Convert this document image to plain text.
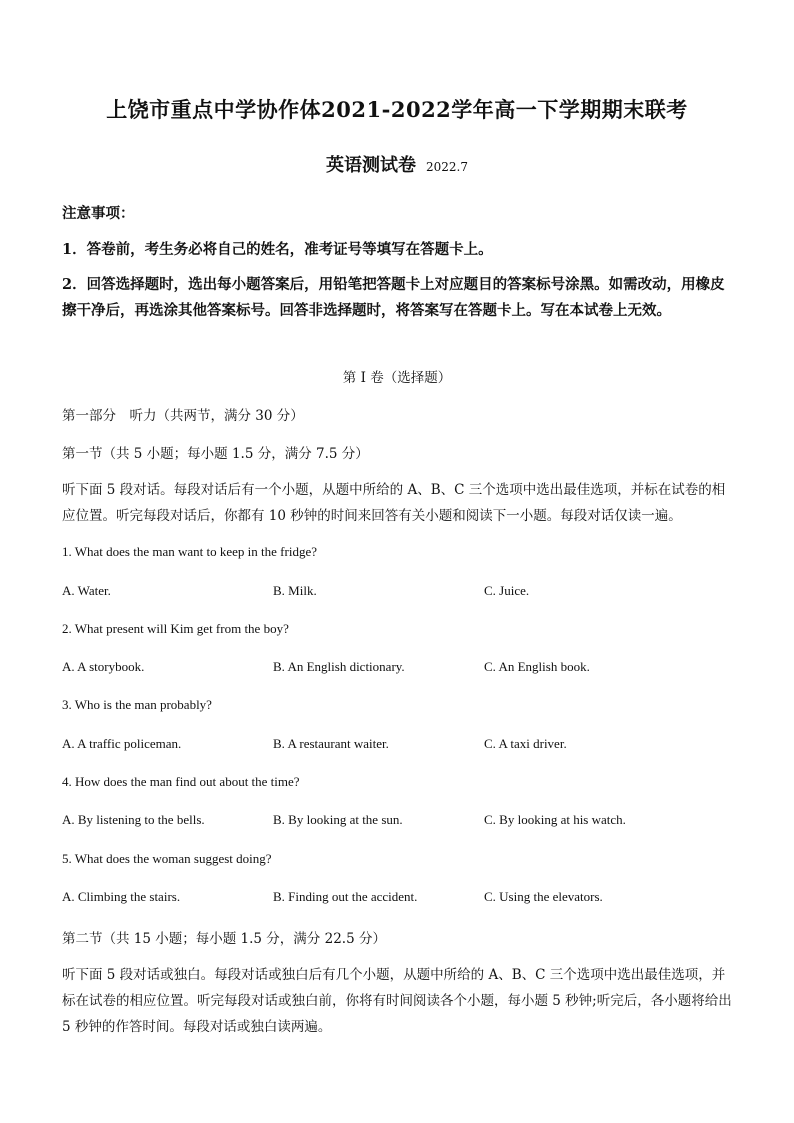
上饶市重点中学协作体2021-2022学年高一下学期期末联考
英语测试卷 2022.7
注意事项：
1．答卷前，考生务必将自己的姓名，准考证号等填写在答题卡上。
2．回答选择题时，选出每小题答案后，用铅笔把答题卡上对应题目的答案标号涂黑。如需改动，用橡皮擦干净后，再选涂其他答案标号。回答非选择题时，将答案写在答题卡上。写在本试卷上无效。
第 I 卷（选择题）
第一部分　听力（共两节，满分 30 分）
第一节（共 5 小题；每小题 1.5 分，满分 7.5 分）
听下面 5 段对话。每段对话后有一个小题，从题中所给的 A、B、C 三个选项中选出最佳选项，并标在试卷的相应位置。听完每段对话后，你都有 10 秒钟的时间来回答有关小题和阅读下一小题。每段对话仅读一遍。
1. What does the man want to keep in the fridge?
A. Water.	B. Milk.	C. Juice.
2. What present will Kim get from the boy?
A. A storybook.	B. An English dictionary.	C. An English book.
3. Who is the man probably?
A. A traffic policeman.	B. A restaurant waiter.	C. A taxi driver.
4. How does the man find out about the time?
A. By listening to the bells.	B. By looking at the sun.	C. By looking at his watch.
5. What does the woman suggest doing?
A. Climbing the stairs.	B. Finding out the accident.	C. Using the elevators.
第二节（共 15 小题；每小题 1.5 分，满分 22.5 分）
听下面 5 段对话或独白。每段对话或独白后有几个小题，从题中所给的 A、B、C 三个选项中选出最佳选项，并标在试卷的相应位置。听完每段对话或独白前，你将有时间阅读各个小题，每小题 5 秒钟;听完后，各小题将给出 5 秒钟的作答时间。每段对话或独白读两遍。
